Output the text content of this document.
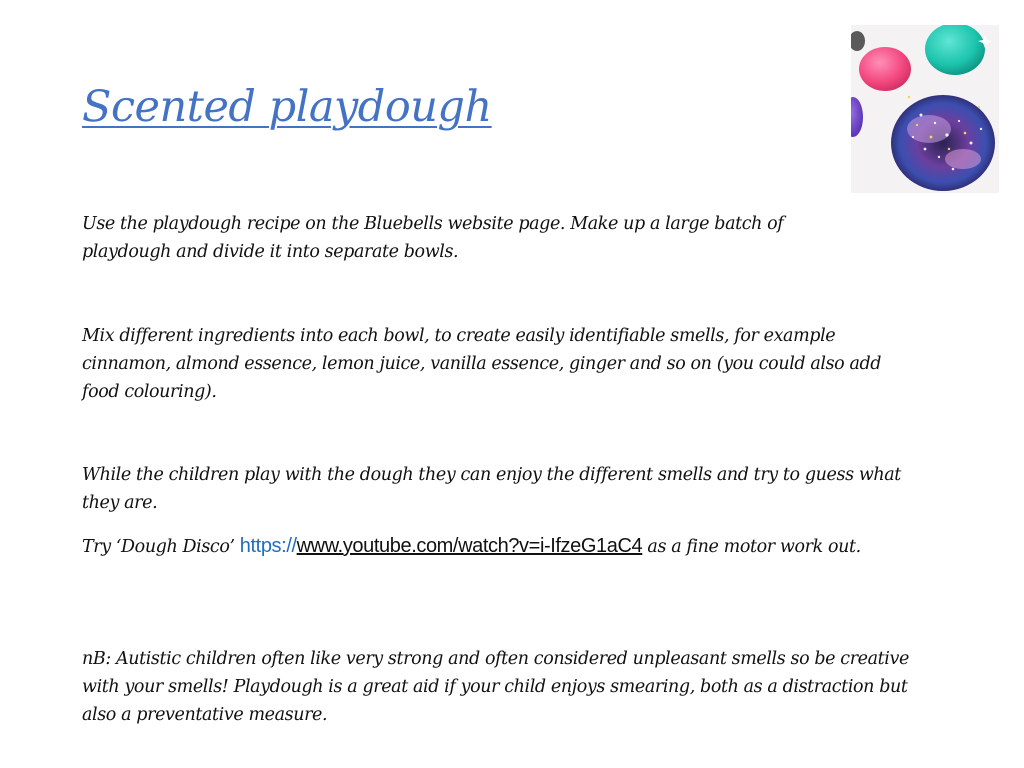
Scented playdough

Use the playdough recipe on the Bluebells website page. Make up a large batch of playdough and divide it into separate bowls.

Mix different ingredients into each bowl, to create easily identifiable smells, for example cinnamon, almond essence, lemon juice, vanilla essence, ginger and so on (you could also add food colouring).

While the children play with the dough they can enjoy the different smells and try to guess what they are.

Try ‘Dough Disco’ https://www.youtube.com/watch?v=i-IfzeG1aC4 as a fine motor work out.

nB: Autistic children often like very strong and often considered unpleasant smells so be creative with your smells! Playdough is a great aid if your child enjoys smearing, both as a distraction but also a preventative measure.
